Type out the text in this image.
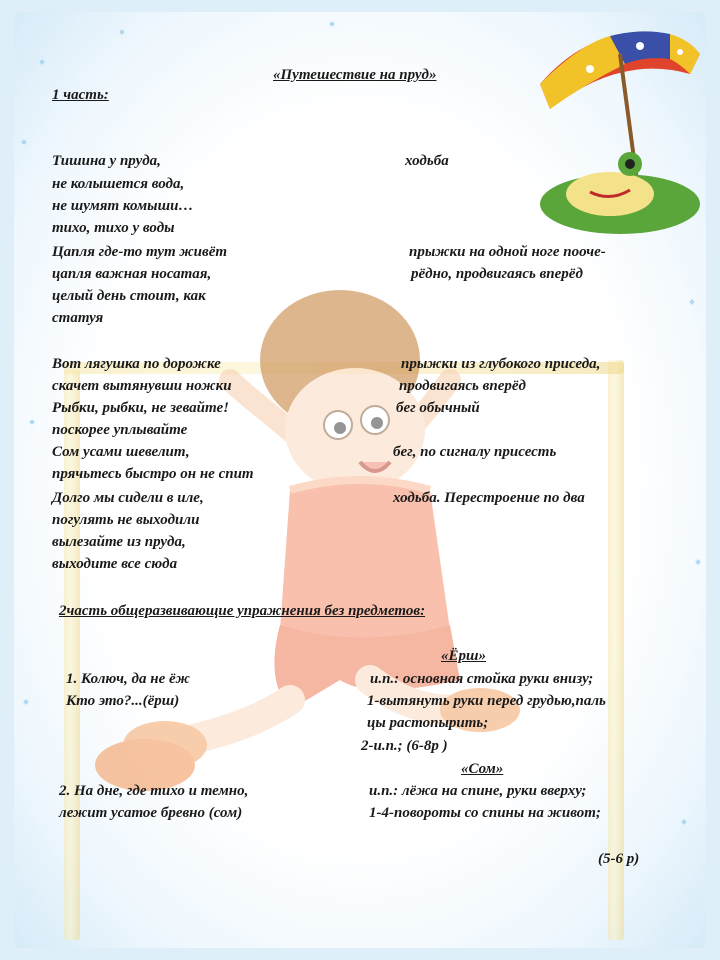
«Путешествие на пруд»
1 часть:
Тишина у пруда,
не колышется вода,
не шумят комыши…
тихо, тихо у воды
ходьба
Цапля где-то тут живёт
цапля важная носатая,
целый день стоит, как
статуя
прыжки на одной ноге пооче-
рёдно, продвигаясь вперёд
Вот лягушка по дорожке
скачет вытянувши ножки
прыжки из глубокого приседа,
продвигаясь вперёд
Рыбки, рыбки, не зевайте!
поскорее уплывайте
бег обычный
Сом усами шевелит,
прячьтесь быстро он не спит
бег, по сигналу присесть
Долго мы сидели в иле,
погулять не выходили
вылезайте из пруда,
выходите все сюда
ходьба. Перестроение по два
2часть общеразвивающие упражнения без предметов:
«Ёрш»
1. Колюч, да не ёж
Кто это?...(ёрш)
и.п.: основная стойка руки внизу;
1-вытянуть руки перед грудью,паль
цы растопырить;
2-и.п.; (6-8р )
«Сом»
2. На дне, где тихо и темно,
лежит усатое бревно (сом)
и.п.: лёжа на спине, руки вверху;
1-4-повороты со спины на живот;
(5-6 р)
